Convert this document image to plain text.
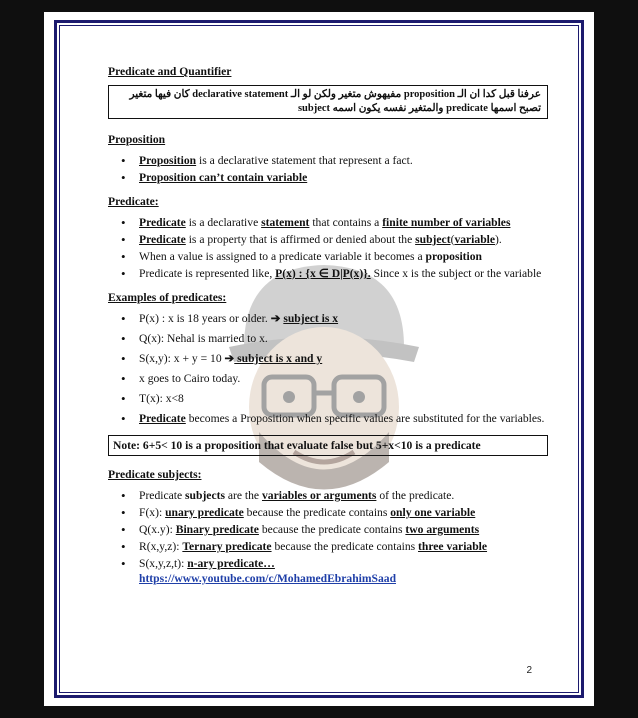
Predicate and Quantifier

عرفنا قبل كدا ان الـ proposition مفيهوش متغير ولكن لو الـ declarative statement كان فيها متغير
تصبح اسمها predicate والمتغير نفسه يكون اسمه subject

Proposition

• Proposition is a declarative statement that represent a fact.
• Proposition can’t contain variable

Predicate:

• Predicate is a declarative statement that contains a finite number of variables
• Predicate is a property that is affirmed or denied about the subject(variable).
• When a value is assigned to a predicate variable it becomes a proposition
• Predicate is represented like, P(x) : {x ∈ D|P(x)}. Since x is the subject or the variable

Examples of predicates:

• P(x) : x is 18 years or older. ➔ subject is x
• Q(x): Nehal is married to x.
• S(x,y): x + y = 10 ➔ subject is x and y
• x goes to Cairo today.
• T(x): x<8
• Predicate becomes a Proposition when specific values are substituted for the variables.
Note: 6+5< 10 is a proposition that evaluate false but 5+x<10 is a predicate

Predicate subjects:

• Predicate subjects are the variables or arguments of the predicate.
• F(x): unary predicate because the predicate contains only one variable
• Q(x.y): Binary predicate because the predicate contains two arguments
• R(x,y,z): Ternary predicate because the predicate contains three variable
• S(x,y,z,t): n-ary predicate…
https://www.youtube.com/c/MohamedEbrahimSaad
2
